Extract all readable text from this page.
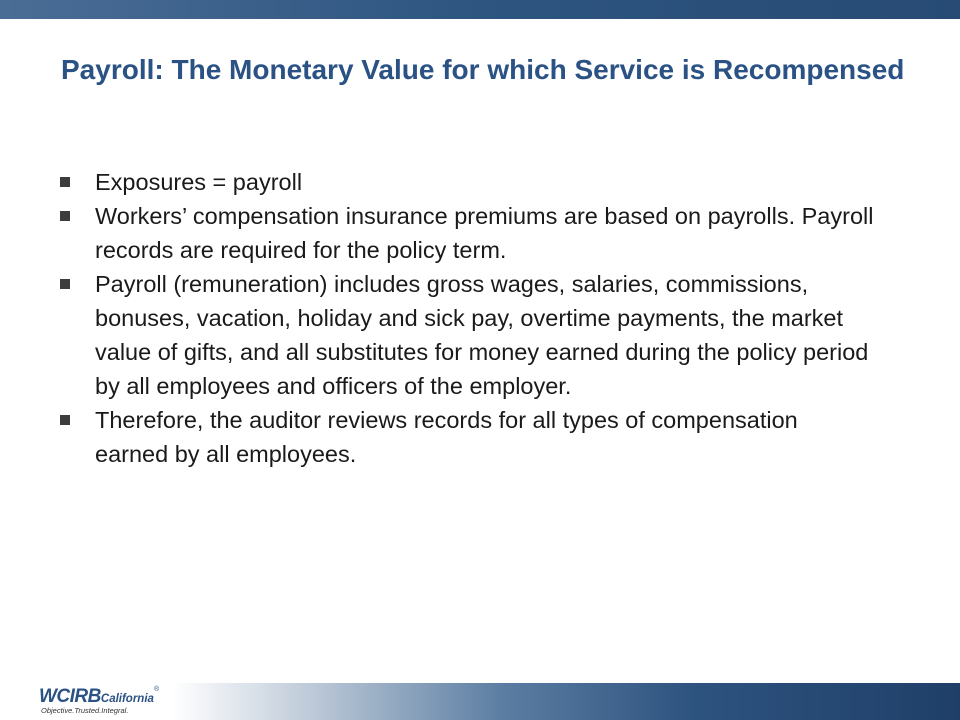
Payroll: The Monetary Value for which Service is Recompensed
Exposures = payroll
Workers’ compensation insurance premiums are based on payrolls. Payroll records are required for the policy term.
Payroll (remuneration) includes gross wages, salaries, commissions, bonuses, vacation, holiday and sick pay, overtime payments, the market value of gifts, and all substitutes for money earned during the policy period by all employees and officers of the employer.
Therefore, the auditor reviews records for all types of compensation earned by all employees.
WCIRBCalifornia®
Objective.Trusted.Integral.
